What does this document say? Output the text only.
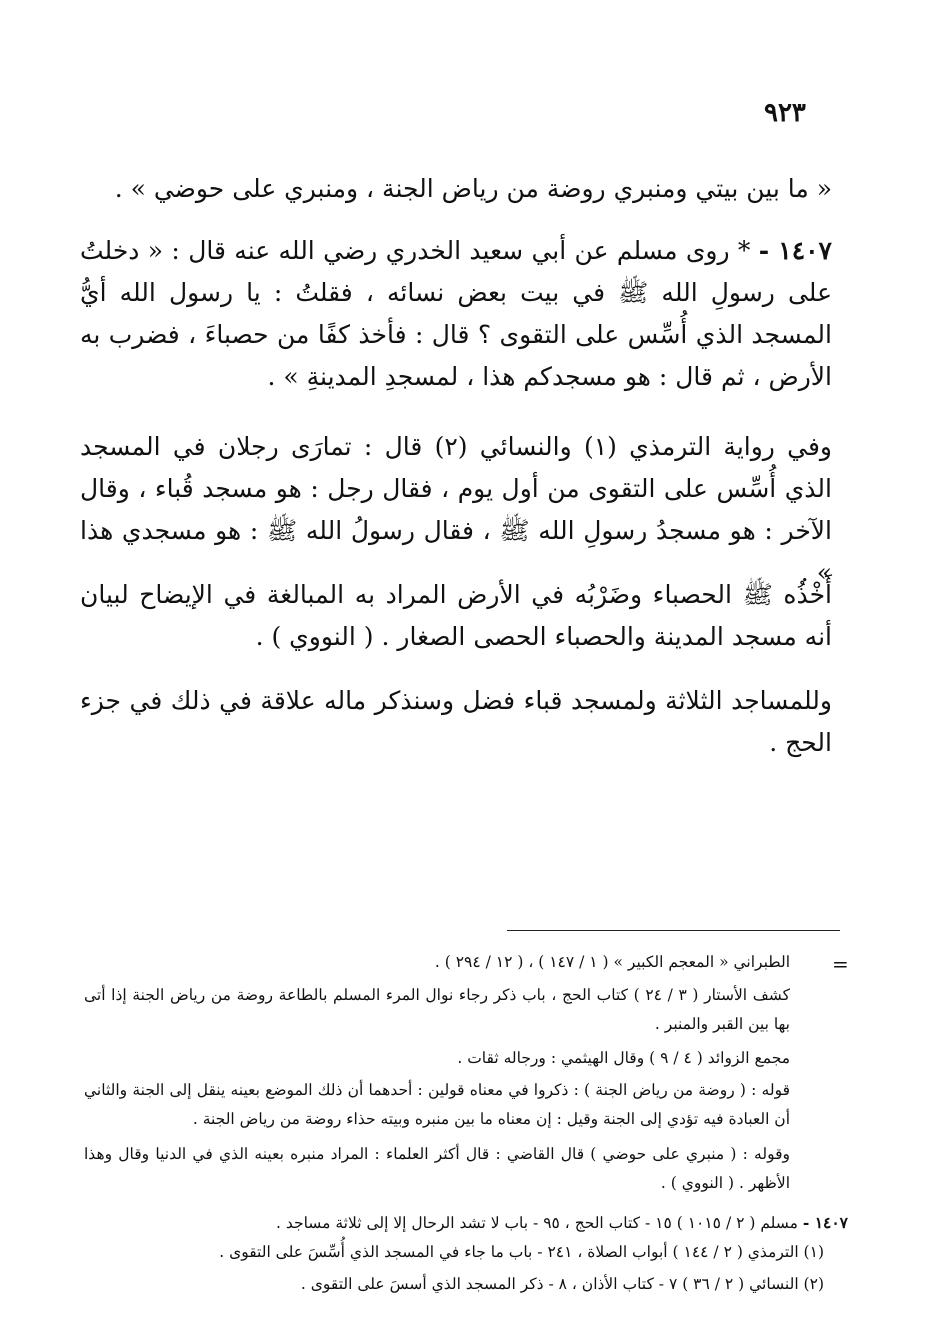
٩٢٣

« ما بين بيتي ومنبري روضة من رياض الجنة ، ومنبري على حوضي » .

١٤٠٧ - * روى مسلم عن أبي سعيد الخدري رضي الله عنه قال : « دخلتُ على رسولِ الله ﷺ في بيت بعض نسائه ، فقلتُ : يا رسول الله أيُّ المسجد الذي أُسِّس على التقوى ؟ قال : فأخذ كفًا من حصباءَ ، فضرب به الأرض ، ثم قال : هو مسجدكم هذا ، لمسجدِ المدينةِ » .

وفي رواية الترمذي (١) والنسائي (٢) قال : تمارَى رجلان في المسجد الذي أُسِّس على التقوى من أول يوم ، فقال رجل : هو مسجد قُباء ، وقال الآخر : هو مسجدُ رسولِ الله ﷺ ، فقال رسولُ الله ﷺ : هو مسجدي هذا » .

أَخْذُه ﷺ الحصباء وضَرْبُه في الأرض المراد به المبالغة في الإيضاح لبيان أنه مسجد المدينة والحصباء الحصى الصغار . ( النووي ) .

وللمساجد الثلاثة ولمسجد قباء فضل وسنذكر ماله علاقة في ذلك في جزء الحج .

=

الطبراني « المعجم الكبير » ( ١ / ١٤٧ ) ، ( ١٢ / ٢٩٤ ) .

كشف الأستار ( ٣ / ٢٤ ) كتاب الحج ، باب ذكر رجاء نوال المرء المسلم بالطاعة روضة من رياض الجنة إذا أتى بها بين القبر والمنبر .

مجمع الزوائد ( ٤ / ٩ ) وقال الهيثمي : ورجاله ثقات .

قوله : ( روضة من رياض الجنة ) : ذكروا في معناه قولين : أحدهما أن ذلك الموضع بعينه ينقل إلى الجنة والثاني أن العبادة فيه تؤدي إلى الجنة وقيل : إن معناه ما بين منبره وبيته حذاء روضة من رياض الجنة .

وقوله : ( منبري على حوضي ) قال القاضي : قال أكثر العلماء : المراد منبره بعينه الذي في الدنيا وقال وهذا الأظهر . ( النووي ) .

١٤٠٧ - مسلم ( ٢ / ١٠١٥ ) ١٥ - كتاب الحج ، ٩٥ - باب لا تشد الرحال إلا إلى ثلاثة مساجد .

(١) الترمذي ( ٢ / ١٤٤ ) أبواب الصلاة ، ٢٤١ - باب ما جاء في المسجد الذي أُسِّسَ على التقوى .

(٢) النسائي ( ٢ / ٣٦ ) ٧ - كتاب الأذان ، ٨ - ذكر المسجد الذي أسسَ على التقوى .
